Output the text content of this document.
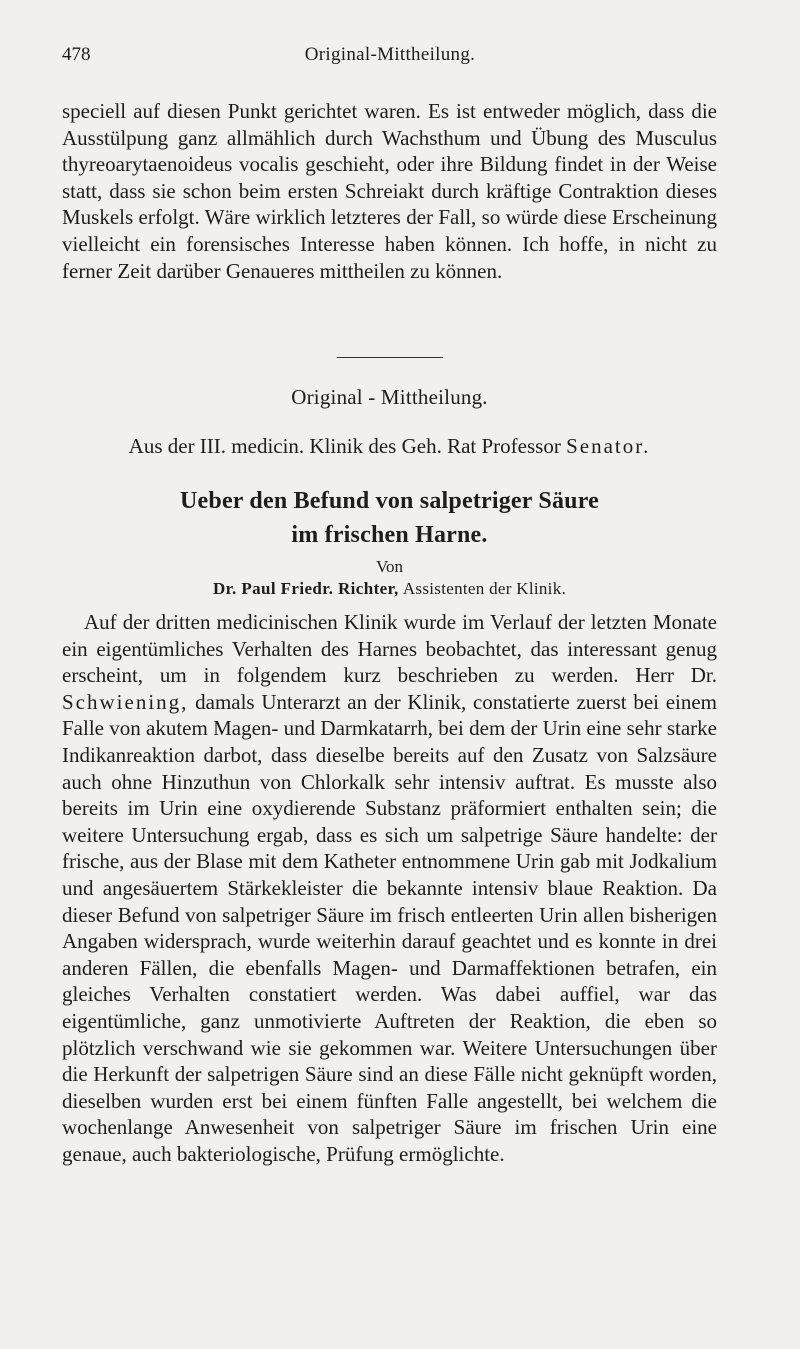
478	Original-Mittheilung.

speciell auf diesen Punkt gerichtet waren. Es ist entweder möglich, dass die Ausstülpung ganz allmählich durch Wachsthum und Übung des Musculus thyreoarytaenoideus vocalis geschieht, oder ihre Bildung findet in der Weise statt, dass sie schon beim ersten Schreiakt durch kräftige Contraktion dieses Muskels erfolgt. Wäre wirklich letzteres der Fall, so würde diese Erscheinung vielleicht ein forensisches Interesse haben können. Ich hoffe, in nicht zu ferner Zeit darüber Genaueres mittheilen zu können.

Original - Mittheilung.
Aus der III. medicin. Klinik des Geh. Rat Professor Senator.
Ueber den Befund von salpetriger Säure
im frischen Harne.
Von
Dr. Paul Friedr. Richter, Assistenten der Klinik.

Auf der dritten medicinischen Klinik wurde im Verlauf der letzten Monate ein eigentümliches Verhalten des Harnes beobachtet, das interessant genug erscheint, um in folgendem kurz beschrieben zu werden. Herr Dr. Schwiening, damals Unterarzt an der Klinik, constatierte zuerst bei einem Falle von akutem Magen- und Darmkatarrh, bei dem der Urin eine sehr starke Indikanreaktion darbot, dass dieselbe bereits auf den Zusatz von Salzsäure auch ohne Hinzuthun von Chlorkalk sehr intensiv auftrat. Es musste also bereits im Urin eine oxydierende Substanz präformiert enthalten sein; die weitere Untersuchung ergab, dass es sich um salpetrige Säure handelte: der frische, aus der Blase mit dem Katheter entnommene Urin gab mit Jodkalium und angesäuertem Stärkekleister die bekannte intensiv blaue Reaktion. Da dieser Befund von salpetriger Säure im frisch entleerten Urin allen bisherigen Angaben widersprach, wurde weiterhin darauf geachtet und es konnte in drei anderen Fällen, die ebenfalls Magen- und Darmaffektionen betrafen, ein gleiches Verhalten constatiert werden. Was dabei auffiel, war das eigentümliche, ganz unmotivierte Auftreten der Reaktion, die eben so plötzlich verschwand wie sie gekommen war. Weitere Untersuchungen über die Herkunft der salpetrigen Säure sind an diese Fälle nicht geknüpft worden, dieselben wurden erst bei einem fünften Falle angestellt, bei welchem die wochenlange Anwesenheit von salpetriger Säure im frischen Urin eine genaue, auch bakteriologische, Prüfung ermöglichte.
